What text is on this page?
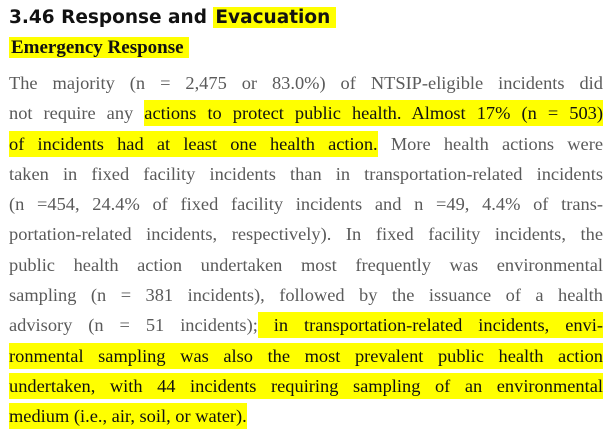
3.46 Response and Evacuation
Emergency Response
The majority (n = 2,475 or 83.0%) of NTSIP-eligible incidents did
not require any actions to protect public health. Almost 17% (n = 503)
of incidents had at least one health action. More health actions were
taken in fixed facility incidents than in transportation-related incidents
(n =454, 24.4% of fixed facility incidents and n =49, 4.4% of trans-
portation-related incidents, respectively). In fixed facility incidents, the
public health action undertaken most frequently was environmental
sampling (n = 381 incidents), followed by the issuance of a health
advisory (n = 51 incidents); in transportation-related incidents, envi-
ronmental sampling was also the most prevalent public health action
undertaken, with 44 incidents requiring sampling of an environmental
medium (i.e., air, soil, or water).
